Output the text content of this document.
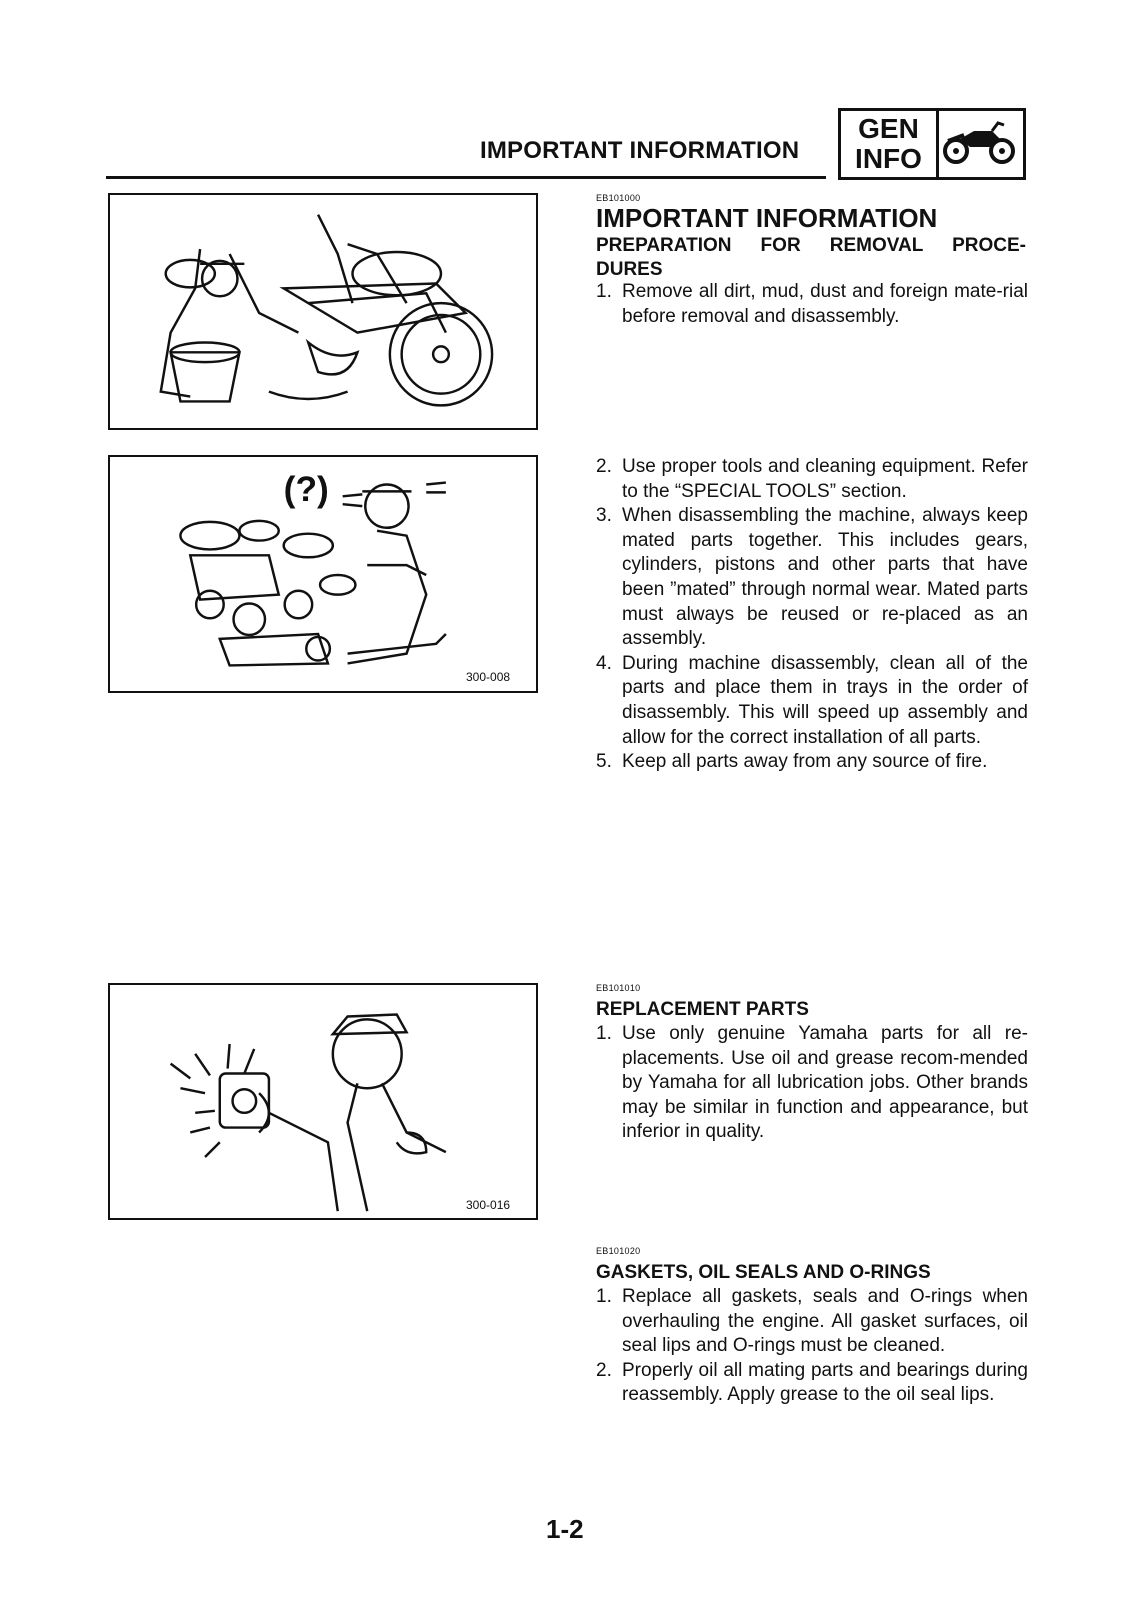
IMPORTANT INFORMATION
GEN
INFO
(?)
300-008
300-016
EB101000
IMPORTANT INFORMATION
PREPARATION FOR REMOVAL PROCE-
DURES
1. Remove all dirt, mud, dust and foreign mate-rial before removal and disassembly.
2. Use proper tools and cleaning equipment. Refer to the “SPECIAL TOOLS” section.
3. When disassembling the machine, always keep mated parts together. This includes gears, cylinders, pistons and other parts that have been ”mated” through normal wear. Mated parts must always be reused or re-placed as an assembly.
4. During machine disassembly, clean all of the parts and place them in trays in the order of disassembly. This will speed up assembly and allow for the correct installation of all parts.
5. Keep all parts away from any source of fire.
EB101010
REPLACEMENT PARTS
1. Use only genuine Yamaha parts for all re-placements. Use oil and grease recom-mended by Yamaha for all lubrication jobs. Other brands may be similar in function and appearance, but inferior in quality.
EB101020
GASKETS, OIL SEALS AND O-RINGS
1. Replace all gaskets, seals and O-rings when overhauling the engine. All gasket surfaces, oil seal lips and O-rings must be cleaned.
2. Properly oil all mating parts and bearings during reassembly. Apply grease to the oil seal lips.
1-2
